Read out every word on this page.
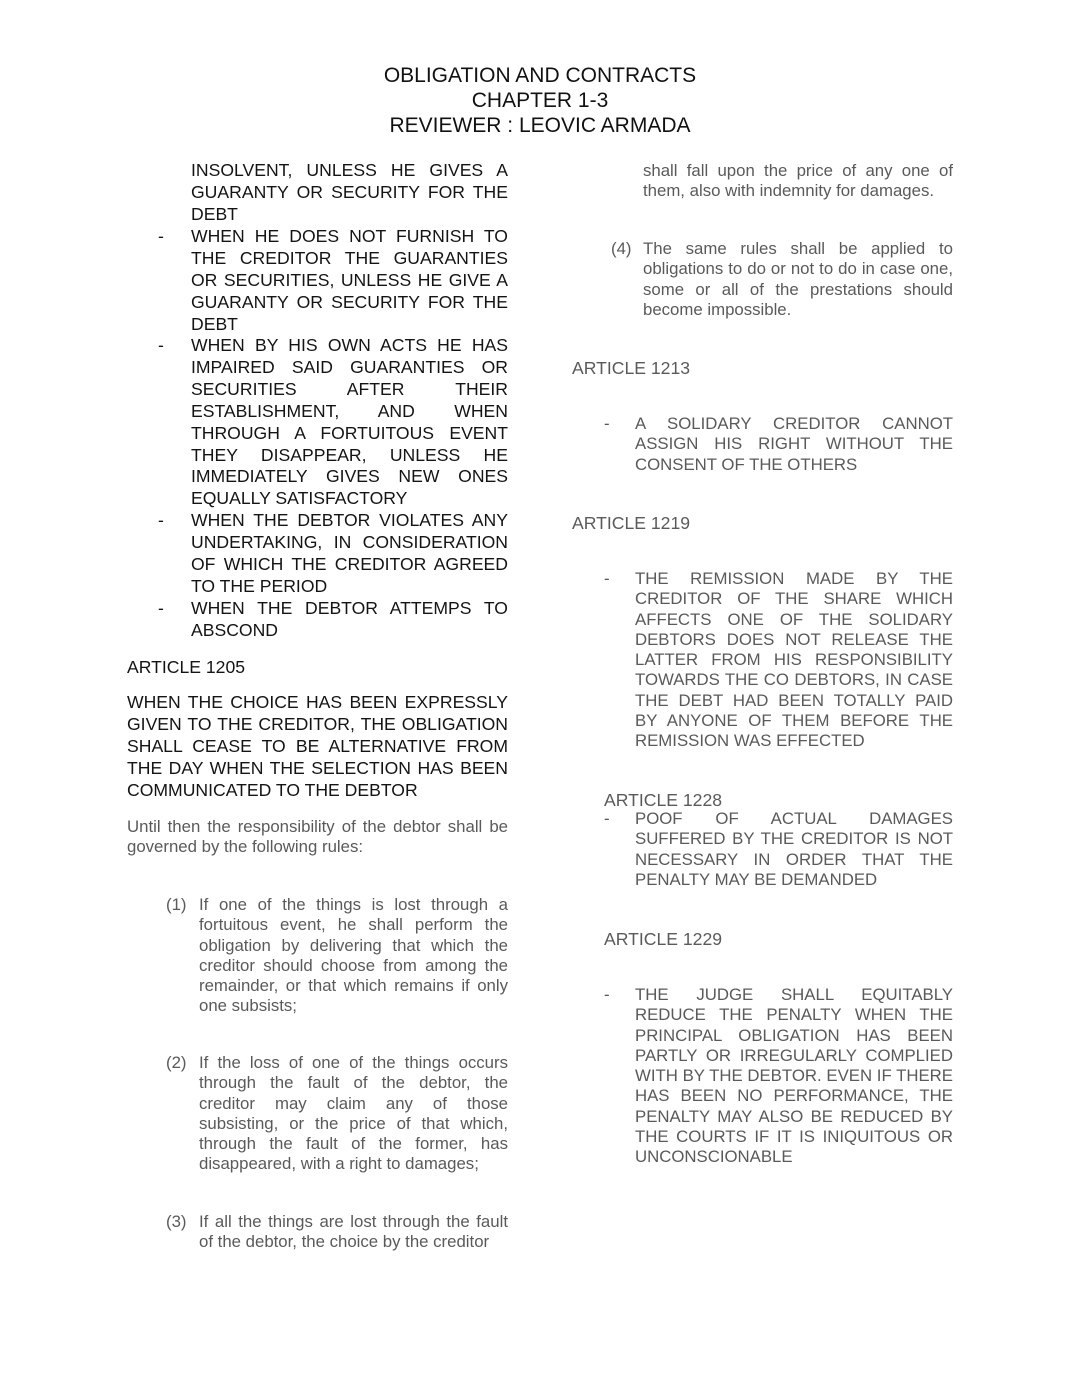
OBLIGATION AND CONTRACTS
CHAPTER 1-3
REVIEWER : LEOVIC ARMADA

INSOLVENT, UNLESS HE GIVES A GUARANTY OR SECURITY FOR THE DEBT

- WHEN HE DOES NOT FURNISH TO THE CREDITOR THE GUARANTIES OR SECURITIES, UNLESS HE GIVE A GUARANTY OR SECURITY FOR THE DEBT

- WHEN BY HIS OWN ACTS HE HAS IMPAIRED SAID GUARANTIES OR SECURITIES AFTER THEIR ESTABLISHMENT, AND WHEN THROUGH A FORTUITOUS EVENT THEY DISAPPEAR, UNLESS HE IMMEDIATELY GIVES NEW ONES EQUALLY SATISFACTORY

- WHEN THE DEBTOR VIOLATES ANY UNDERTAKING, IN CONSIDERATION OF WHICH THE CREDITOR AGREED TO THE PERIOD

- WHEN THE DEBTOR ATTEMPS TO ABSCOND

ARTICLE 1205

WHEN THE CHOICE HAS BEEN EXPRESSLY GIVEN TO THE CREDITOR, THE OBLIGATION SHALL CEASE TO BE ALTERNATIVE FROM THE DAY WHEN THE SELECTION HAS BEEN COMMUNICATED TO THE DEBTOR

Until then the responsibility of the debtor shall be governed by the following rules:

(1) If one of the things is lost through a fortuitous event, he shall perform the obligation by delivering that which the creditor should choose from among the remainder, or that which remains if only one subsists;

(2) If the loss of one of the things occurs through the fault of the debtor, the creditor may claim any of those subsisting, or the price of that which, through the fault of the former, has disappeared, with a right to damages;

(3) If all the things are lost through the fault of the debtor, the choice by the creditor

shall fall upon the price of any one of them, also with indemnity for damages.

(4) The same rules shall be applied to obligations to do or not to do in case one, some or all of the prestations should become impossible.

ARTICLE 1213

- A SOLIDARY CREDITOR CANNOT ASSIGN HIS RIGHT WITHOUT THE CONSENT OF THE OTHERS

ARTICLE 1219

- THE REMISSION MADE BY THE CREDITOR OF THE SHARE WHICH AFFECTS ONE OF THE SOLIDARY DEBTORS DOES NOT RELEASE THE LATTER FROM HIS RESPONSIBILITY TOWARDS THE CO DEBTORS, IN CASE THE DEBT HAD BEEN TOTALLY PAID BY ANYONE OF THEM BEFORE THE REMISSION WAS EFFECTED

ARTICLE 1228

- POOF OF ACTUAL DAMAGES SUFFERED BY THE CREDITOR IS NOT NECESSARY IN ORDER THAT THE PENALTY MAY BE DEMANDED

ARTICLE 1229

- THE JUDGE SHALL EQUITABLY REDUCE THE PENALTY WHEN THE PRINCIPAL OBLIGATION HAS BEEN PARTLY OR IRREGULARLY COMPLIED WITH BY THE DEBTOR. EVEN IF THERE HAS BEEN NO PERFORMANCE, THE PENALTY MAY ALSO BE REDUCED BY THE COURTS IF IT IS INIQUITOUS OR UNCONSCIONABLE
